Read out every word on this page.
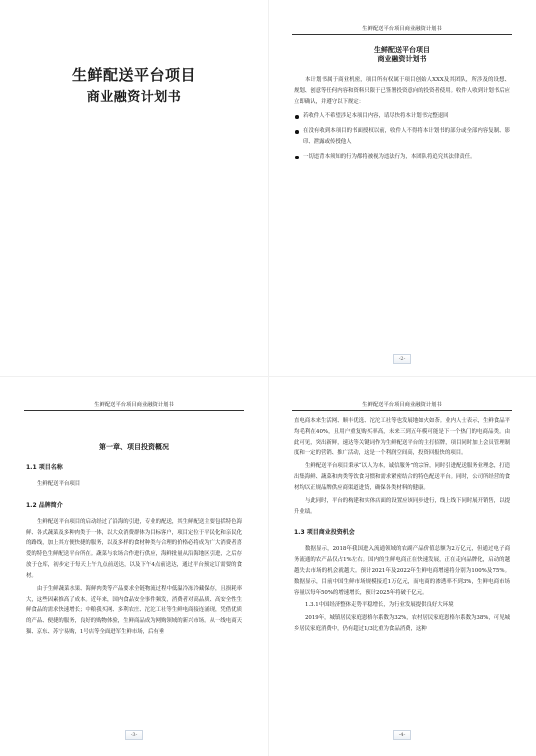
生鲜配送平台项目
商业融资计划书
生鲜配送平台项目商业融资计划书
生鲜配送平台项目
商业融资计划书

本计划书属于商业机密，项目所有权属于项目创始人XXX及其团队，所涉及的设想、规划、创意等任何内容和资料只限于已签署投资意向的投资者使用。收件人收到计划书后应立即确认，并遵守以下规定：

若收件人不希望涉足本项目内容，请尽快将本计划书完整退回

在没有收到本项目的书面授权以前，收件人不得将本计划书的部分或全部内容复制、影印、泄露或传授他人

一切违背本须知的行为都将被视为违法行为，本团队将追究其法律责任。

-2-
生鲜配送平台项目商业融资计划书
第一章、项目投资概况
1.1 项目名称

生鲜配送平台项目

1.2 品牌简介

生鲜配送平台项目的启动经过了沿海的引进，专业的配送，其生鲜配送主要包括特色海鲜、各式蔬菜及多种肉类于一体，以大众消费群体为目标客户，项目定位于平民化和亲民化的路线，加上其方便快捷的服务，以及多样的食材种类与合理的价格必将成为广大消费者喜爱的特色生鲜配送平台所在。蔬菜与农场合作进行供应，海鲜批量从沿海地区引进，之后存放于仓库，初步定于每天上午九点前送达，以及下午4点前送达，通过平台预定订需要的食材。

由于生鲜蔬菜水果、海鲜肉类等产品要求全链物流过程中低温冷冻冷藏保存，且损耗率大，这些因素推高了成本。近年来，国内食品安全事件频发，消费者对高品质、高安全性生鲜食品的需求快速增长；中粮我买网、多利农庄、沱沱工社等生鲜电商接连涌现，凭借优质的产品、便捷的服务，良好的购物体验，生鲜商品成为网购领域的新兴市场。从一线电商天猫、京东、苏宁易购，1号店等全面进军生鲜市场，后有垂

-3-
生鲜配送平台项目商业融资计划书

直电商本来生活网、顺丰优选、沱沱工社等也发展地如火如荼。业内人士表示，生鲜食品平均毛利在40%，且用户重复购买率高，未来三到五年模可能是下一个热门的电商品类。由此可见，突出新鲜，速达等关键词作为生鲜配送平台的主打招牌，项目同时加上会员管理制度和一定的营销、推广活动，这是一个利润空间高，投资回报快的项目。

生鲜配送平台项目秉承“以人为本，诚信服务”的宗旨，同时引进配送服务业理念，打造出集海鲜、蔬菜和肉类等饮食习惯和需求紧密结合的特色配送平台。同时，公司所经营的食材均以正规品牌供应商渠道进货，确保各类材料的健康。

与此同时，平台的构建和实体店面的设置应该同步进行，线上线下同时展开销售，以提升业绩。

1.3 项目商业投资机会

数据显示，2018年我国进入流通领域的农副产品价值总额为2万亿元，但通过电子商务流通的农产品仅占1%左右。国内的生鲜电商正在快速发展，正在走向品牌化，启动的越越失去市场的机会就越大。预计2021年及2022年生鲜电商增速将分别为100%及75%。数据显示，目前中国生鲜市场规模接近1万亿元，而电商的渗透率不到3%，生鲜电商市场容量以每年50%的增速增长，预计2025年将破千亿元。

1.3.1中国经济整体走势平稳增长，为行业发展提供良好大环境

2019年，城镇居民家庭恩格尔系数为32%，农村居民家庭恩格尔系数为38%，可见城乡居民家庭消费中，仍有超过1/3比重为食品消费，这种

-4-
